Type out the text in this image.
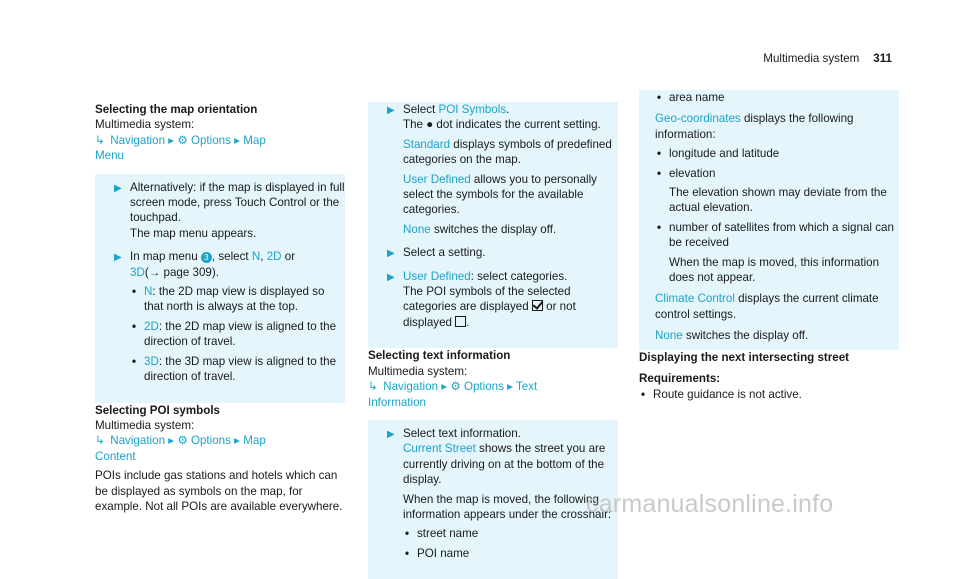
Multimedia system 311
Selecting the map orientation
Multimedia system:
↳ Navigation ▸ ⚙ Options ▸ Map
Menu
▶ Alternatively: if the map is displayed in full screen mode, press Touch Control or the touchpad.
The map menu appears.
▶ In map menu 3 , select N, 2D or
3D(→ page 309).
• N: the 2D map view is displayed so that north is always at the top.
• 2D: the 2D map view is aligned to the direction of travel.
• 3D: the 3D map view is aligned to the direction of travel.
Selecting POI symbols
Multimedia system:
↳ Navigation ▸ ⚙ Options ▸ Map
Content
POIs include gas stations and hotels which can be displayed as symbols on the map, for example. Not all POIs are available everywhere.
▶ Select POI Symbols.
The ● dot indicates the current setting.
Standard displays symbols of predefined categories on the map.
User Defined allows you to personally select the symbols for the available categories.
None switches the display off.
▶ Select a setting.
▶ User Defined: select categories.
The POI symbols of the selected categories are displayed or not displayed .
Selecting text information
Multimedia system:
↳ Navigation ▸ ⚙ Options ▸ Text
Information
▶ Select text information.
Current Street shows the street you are currently driving on at the bottom of the display.
When the map is moved, the following information appears under the crosshair:
• street name
• POI name
• area name
Geo-coordinates displays the following information:
• longitude and latitude
• elevation
The elevation shown may deviate from the actual elevation.
• number of satellites from which a signal can be received
When the map is moved, this information does not appear.
Climate Control displays the current climate control settings.
None switches the display off.
Displaying the next intersecting street
Requirements:
• Route guidance is not active.
carmanualsonline.info
